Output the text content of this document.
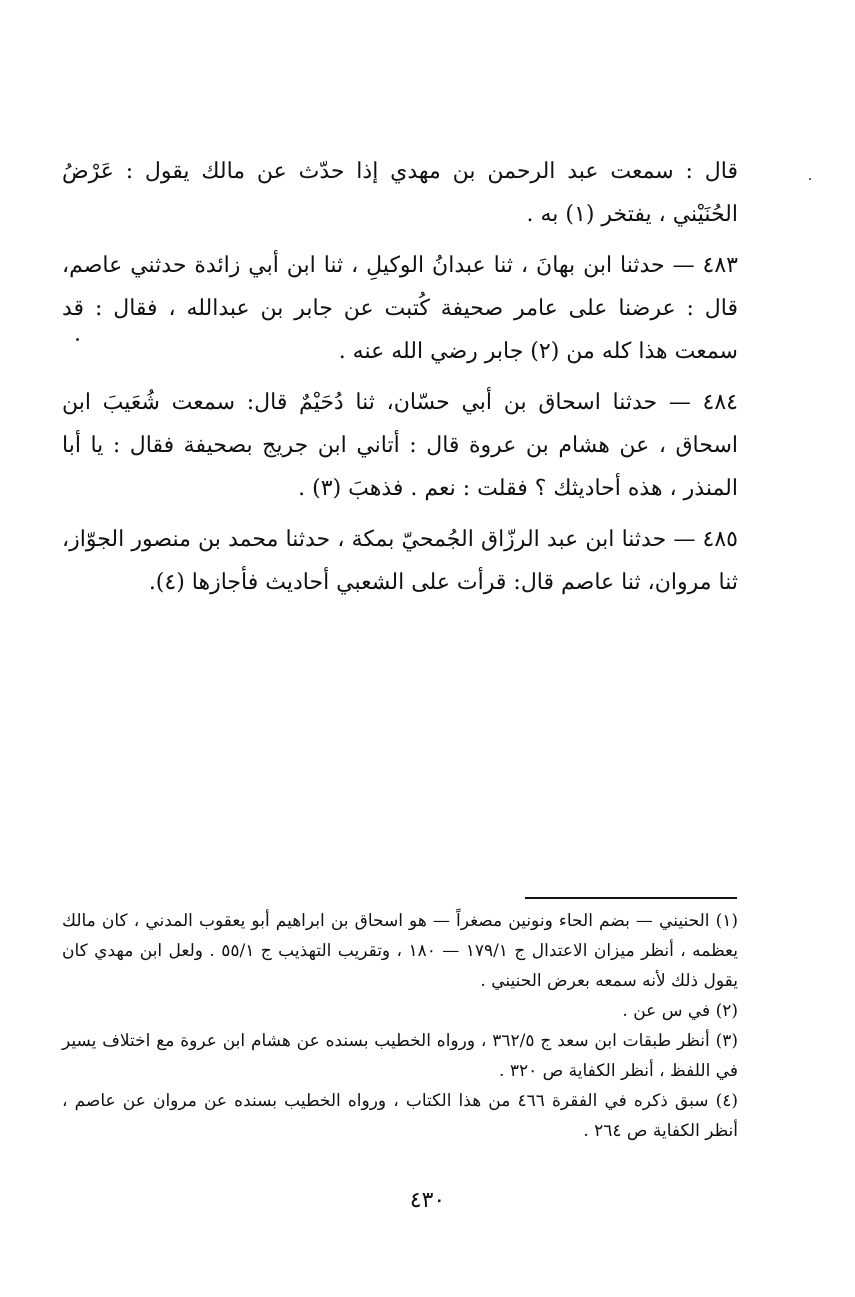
قال : سمعت عبد الرحمن بن مهدي إذا حدّث عن مالك يقول : عَرْضُ الحُنَيْني ، يفتخر (١) به .

٤٨٣ — حدثنا ابن بهانَ ، ثنا عبدانُ الوكيلِ ، ثنا ابن أبي زائدة حدثني عاصم، قال : عرضنا على عامر صحيفة كُتبت عن جابر بن عبدالله ، فقال : قد سمعت هذا كله من (٢) جابر رضي الله عنه .

٤٨٤ — حدثنا اسحاق بن أبي حسّان، ثنا دُحَيْمٌ قال: سمعت شُعَيبَ ابن اسحاق ، عن هشام بن عروة قال : أتاني ابن جريج بصحيفة فقال : يا أبا المنذر ، هذه أحاديثك ؟ فقلت : نعم . فذهبَ (٣) .

٤٨٥ — حدثنا ابن عبد الرزّاق الجُمحيّ بمكة ، حدثنا محمد بن منصور الجوّاز، ثنا مروان، ثنا عاصم قال: قرأت على الشعبي أحاديث فأجازها (٤).

(١) الحنيني — بضم الحاء ونونين مصغراً — هو اسحاق بن ابراهيم أبو يعقوب المدني ، كان مالك يعظمه ، أنظر ميزان الاعتدال ج ١٧٩/١ — ١٨٠ ، وتقريب التهذيب ج ٥٥/١ . ولعل ابن مهدي كان يقول ذلك لأنه سمعه بعرض الحنيني .

(٢) في س عن .

(٣) أنظر طبقات ابن سعد ج ٣٦٢/٥ ، ورواه الخطيب بسنده عن هشام ابن عروة مع اختلاف يسير في اللفظ ، أنظر الكفاية ص ٣٢٠ .

(٤) سبق ذكره في الفقرة ٤٦٦ من هذا الكتاب ، ورواه الخطيب بسنده عن مروان عن عاصم ، أنظر الكفاية ص ٢٦٤ .

٤٣٠
